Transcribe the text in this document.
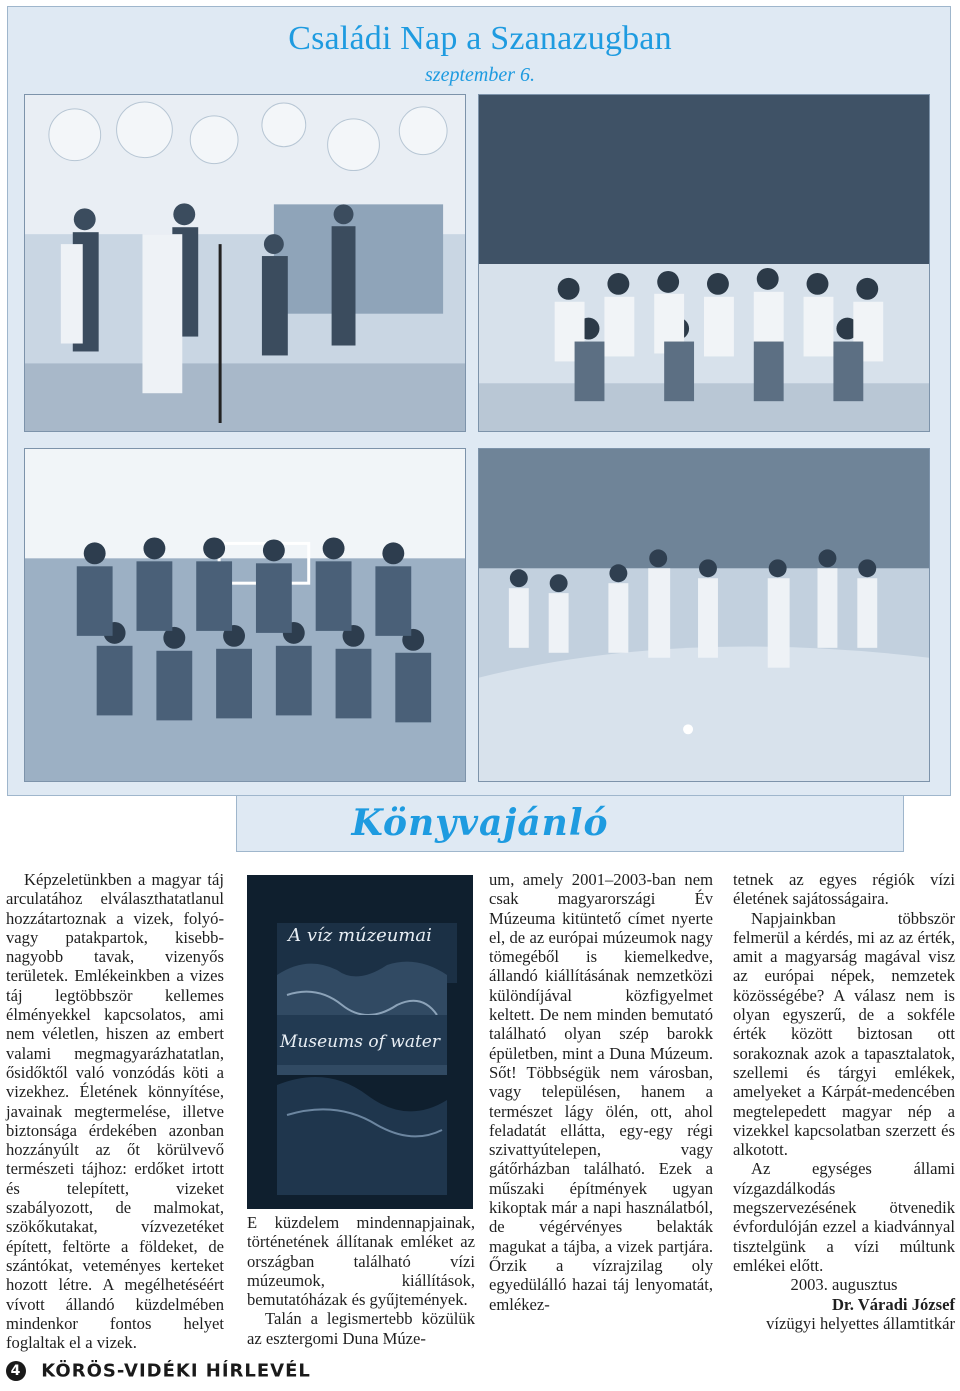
Családi Nap a Szanazugban
szeptember 6.
Könyvajánló

Képzeletünkben a magyar táj arculatához elválaszthatatlanul hozzátartoznak a vizek, folyó- vagy patakpartok, kisebb-nagyobb tavak, vizenyős területek. Emlékeinkben a vizes táj legtöbbször kellemes élményekkel kapcsolatos, ami nem véletlen, hiszen az embert valami megmagyarázhatatlan, ősidőktől való vonzódás köti a vizekhez. Életének könnyítése, javainak megtermelése, illetve biztonsága érdekében azonban hozzányúlt az őt körülvevő természeti tájhoz: erdőket irtott és telepített, vizeket szabályozott, de malmokat, szökőkutakat, vízvezetéket épített, feltörte a földeket, de szántókat, veteményes kerteket hozott létre. A megélhetéséért vívott állandó küzdelmében mindenkor fontos helyet foglaltak el a vizek.

A víz múzeumai
Museums of water

E küzdelem mindennapjainak, történetének állítanak emléket az országban található vízi múzeumok, kiállítások, bemutatóházak és gyűjtemények.

Talán a legismertebb közülük az esztergomi Duna Múze-

um, amely 2001–2003-ban nem csak magyarországi Év Múzeuma kitüntető címet nyerte el, de az európai múzeumok nagy tömegéből is kiemelkedve, állandó kiállításának nemzetközi különdíjával közfigyelmet keltett. De nem minden bemutató található olyan szép barokk épületben, mint a Duna Múzeum. Sőt! Többségük nem városban, vagy településen, hanem a természet lágy ölén, ott, ahol feladatát ellátta, egy-egy régi szivattyútelepen, vagy gátőrházban található. Ezek a műszaki építmények ugyan kikoptak már a napi használatból, de végérvényes belakták magukat a tájba, a vizek partjára. Őrzik a vízrajzilag oly egyedülálló hazai táj lenyomatát, emlékez-

tetnek az egyes régiók vízi életének sajátosságaira.

Napjainkban többször felmerül a kérdés, mi az az érték, amit a magyarság magával visz az európai népek, nemzetek közösségébe? A válasz nem is olyan egyszerű, de a sokféle érték között biztosan ott sorakoznak azok a tapasztalatok, szellemi és tárgyi emlékek, amelyeket a Kárpát-medencében megtelepedett magyar nép a vizekkel kapcsolatban szerzett és alkotott.

Az egységes állami vízgazdálkodás megszervezésének ötvenedik évfordulóján ezzel a kiadvánnyal tisztelgünk a vízi múltunk emlékei előtt.

2003. augusztus

Dr. Váradi József

vízügyi helyettes államtitkár

4 KÖRÖS-VIDÉKI HÍRLEVÉL
